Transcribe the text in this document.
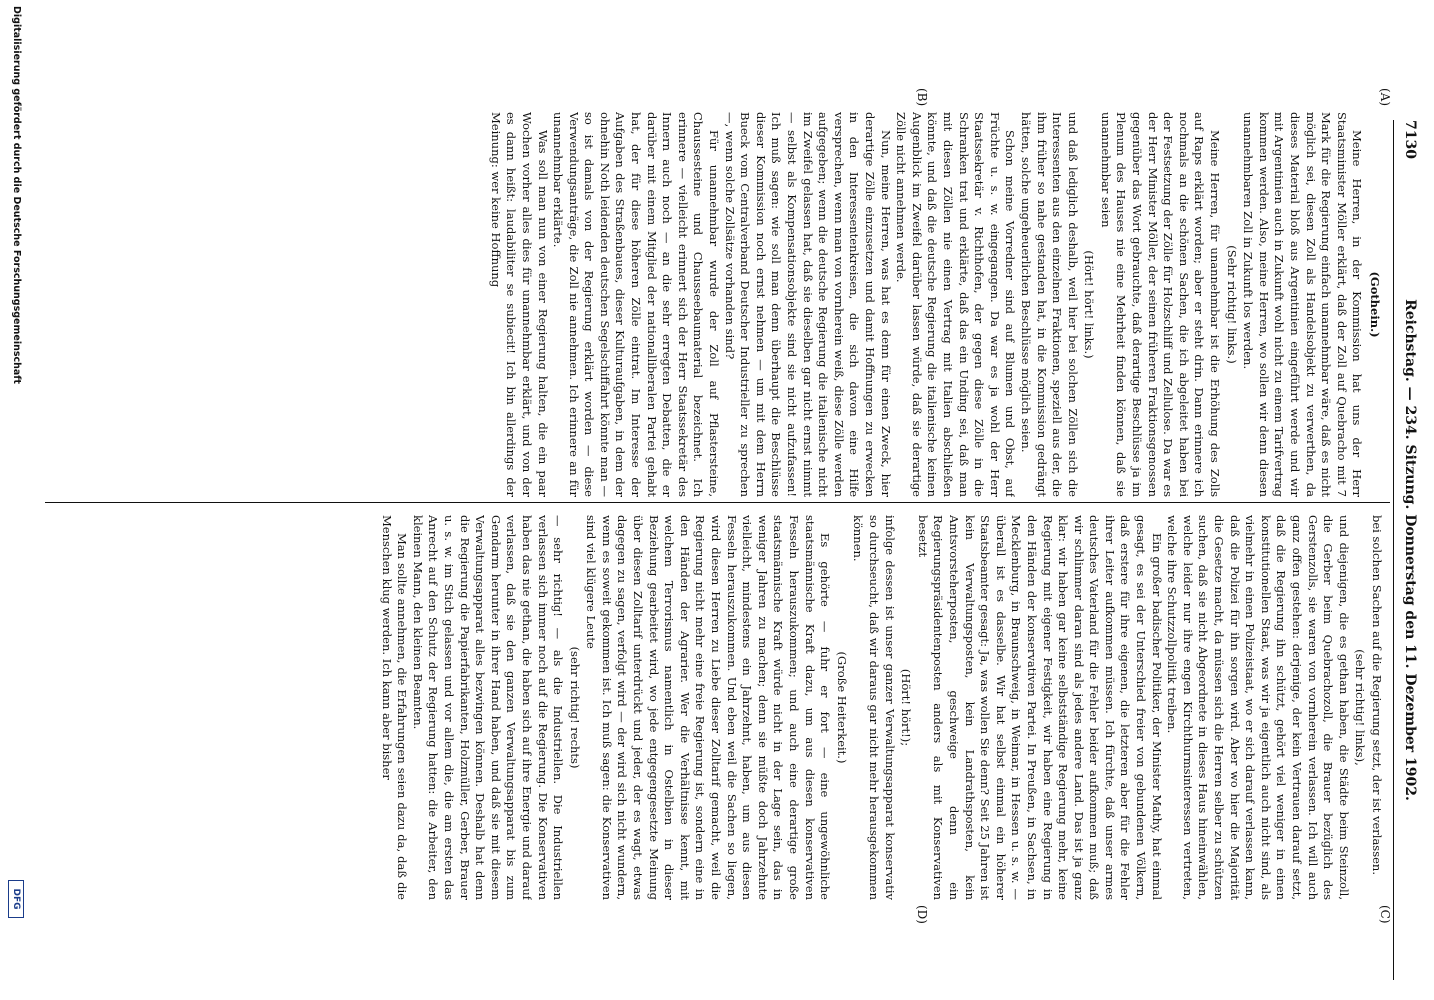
7130
Reichstag. — 234. Sitzung. Donnerstag den 11. Dezember 1902.
(A)
(B)
(C)
(D)

(Gothein.)

Meine Herren, in der Kommission hat uns der Herr Staatsminister Möller erklärt, daß der Zoll auf Quebracho mit 7 Mark für die Regierung einfach unannehmbar wäre, daß es nicht möglich sei, diesen Zoll als Handelsobjekt zu verwerthen, da dieses Material bloß aus Argentinien eingeführt werde und wir mit Argentinien auch in Zukunft wohl nicht zu einem Tarifvertrag kommen werden. Also, meine Herren, wo sollen wir denn diesen unannehmbaren Zoll in Zukunft los werden.

(Sehr richtig! links.)

Meine Herren, für unannehmbar ist die Erhöhung des Zolls auf Raps erklärt worden; aber er steht drin. Dann erinnere ich nochmals an die schönen Sachen, die ich abgeleitet haben bei der Festsetzung der Zölle für Holzschliff und Zellulose. Da war es der Herr Minister Möller, der seinen früheren Fraktionsgenossen gegenüber das Wort gebrauchte, daß derartige Beschlüsse ja im Plenum des Hauses nie eine Mehrheit finden können, daß sie unannehmbar seien

(Hört! hört! links.)

und daß lediglich deshalb, weil hier bei solchen Zöllen sich die Interessenten aus den einzelnen Fraktionen, speziell aus der, die ihm früher so nahe gestanden hat, in die Kommission gedrängt hätten, solche ungeheuerlichen Beschlüsse möglich seien.

Schon meine Vorredner sind auf Blumen und Obst, auf Früchte u. s. w. eingegangen. Da war es ja wohl der Herr Staatssekretär v. Richthofen, der gegen diese Zölle in die Schranken trat und erklärte, daß das ein Unding sei, daß man mit diesen Zöllen nie einen Vertrag mit Italien abschließen könnte, und daß die deutsche Regierung die italienische keinen Augenblick im Zweifel darüber lassen würde, daß sie derartige Zölle nicht annehmen werde.

Nun, meine Herren, was hat es denn für einen Zweck, hier derartige Zölle einzusetzen und damit Hoffnungen zu erwecken in den Interessentenkreisen, die sich davon eine Hilfe versprechen, wenn man von vornherein weiß, diese Zölle werden aufgegeben; wenn die deutsche Regierung die italienische nicht im Zweifel gelassen hat, daß sie dieselben gar nicht ernst nimmt — selbst als Kompensationsobjekte sind sie nicht aufzufassen! Ich muß sagen: wie soll man denn überhaupt die Beschlüsse dieser Kommission noch ernst nehmen — um mit dem Herrn Bueck vom Centralverband Deutscher Industrieller zu sprechen —, wenn solche Zollsätze vorhanden sind?

Für unannehmbar wurde der Zoll auf Pflastersteine, Chaussesteine und Chausseebaumaterial bezeichnet. Ich erinnere — vielleicht erinnert sich der Herr Staatssekretär des Innern auch noch — an die sehr erregten Debatten, die er darüber mit einem Mitglied der nationalliberalen Partei gehabt hat, der für diese höheren Zölle eintrat. Im Interesse der Aufgaben des Straßenbaues, dieser Kulturaufgaben, in dem der ohnehin Noth leidenden deutschen Segelschiffahrt könnte man — so ist damals von der Regierung erklärt worden — diese Verwendungsanträge, die Zoll nie annehmen. Ich erinnere an für unannehmbar erklärte.

Was soll man nun von einer Regierung halten, die ein paar Wochen vorher alles dies für unannehmbar erklärt, und von der es dann heißt: laudabiliter se subiecit! Ich bin allerdings der Meinung: wer keine Hoffnung

bei solchen Sachen auf die Regierung setzt, der ist verlassen.

(sehr richtig! links),

und diejenigen, die es gethan haben, die Städte beim Steinzoll, die Gerber beim Quebrachozoll, die Brauer bezüglich des Gerstenzolls, sie waren von vornherein verlassen. Ich will auch ganz offen gestehen: derjenige, der kein Vertrauen darauf setzt, daß die Regierung ihn schützt, gehört viel weniger in einen konstitutionellen Staat, was wir ja eigentlich auch nicht sind, als vielmehr in einen Polizeistaat, wo er sich darauf verlassen kann, daß die Polizei für ihn sorgen wird. Aber wo hier die Majorität die Gesetze macht, da müssen sich die Herren selber zu schützen suchen, daß sie nicht Abgeordnete in dieses Haus hineinwählen, welche leider nur ihre engen Kirchthurmsinteressen vertreten, welche ihre Schutzzollpolitik treiben.

Ein großer badischer Politiker, der Minister Mathy, hat einmal gesagt, es sei der Unterschied freier von gebundenen Völkern, daß erstere für ihre eigenen, die letzteren aber für die Fehler ihrer Leiter aufkommen müssen. Ich fürchte, daß unser armes deutsches Vaterland für die Fehler beider aufkommen muß; daß wir schlimmer daran sind als jedes andere Land. Das ist ja ganz klar: wir haben gar keine selbstständige Regierung mehr, keine Regierung mit eigener Festigkeit, wir haben eine Regierung in den Händen der konservativen Partei. In Preußen, in Sachsen, in Mecklenburg, in Braunschweig, in Weimar, in Hessen u. s. w. — überall ist es dasselbe. Wir hat selbst einmal ein höherer Staatsbeamter gesagt: Ja, was wollen Sie denn? Seit 25 Jahren ist kein Verwaltungsposten, kein Landrathsposten, kein Amtsvorsteherposten, geschweige denn ein Regierungspräsidentenposten anders als mit Konservativen besetzt

(Hört! hört!);

infolge dessen ist unser ganzer Verwaltungsapparat konservativ so durchseucht, daß wir daraus gar nicht mehr herausgekommen können.

(Große Heiterkeit.)

Es gehörte — fuhr er fort — eine ungewöhnliche staatsmännische Kraft dazu, um aus diesen konservativen Fesseln herauszukommen; und auch eine derartige große staatsmännische Kraft würde nicht in der Lage sein, das in weniger Jahren zu machen; denn sie müßte doch Jahrzehnte vielleicht, mindestens ein Jahrzehnt, haben, um aus diesen Fesseln herauszukommen. Und eben weil die Sachen so liegen, wird diesen Herren zu Liebe dieser Zolltarif gemacht, weil die Regierung nicht mehr eine freie Regierung ist, sondern eine in den Händen der Agrarier. Wer die Verhältnisse kennt, mit welchem Terrorismus namentlich in Ostelbien in dieser Beziehung gearbeitet wird, wo jede entgegengesetzte Meinung über diesen Zolltarif unterdrückt und jeder, der es wagt, etwas dagegen zu sagen, verfolgt wird — der wird sich nicht wundern, wenn es soweit gekommen ist. Ich muß sagen: die Konservativen sind viel klügere Leute

(sehr richtig! rechts)

— sehr richtig! — als die Industriellen. Die Industriellen verlassen sich immer noch auf die Regierung. Die Konservativen haben das nie gethan, die haben sich auf ihre Energie und darauf verlassen, daß sie den ganzen Verwaltungsapparat bis zum Gendarm herunter in ihrer Hand haben, und daß sie mit diesem Verwaltungsapparat alles bezwingen können. Deshalb hat denn die Regierung die Papierfabrikanten, Holzmüller, Gerber, Brauer u. s. w. im Stich gelassen und vor allem die, die am ersten das Anrecht auf den Schutz der Regierung hatten: die Arbeiter, den kleinen Mann, den kleinen Beamten.

Man sollte annehmen, die Erfahrungen seien dazu da, daß die Menschen klug werden. Ich kann aber bisher

Digitalisierung gefördert durch die Deutsche Forschungsgemeinschaft
DFG
